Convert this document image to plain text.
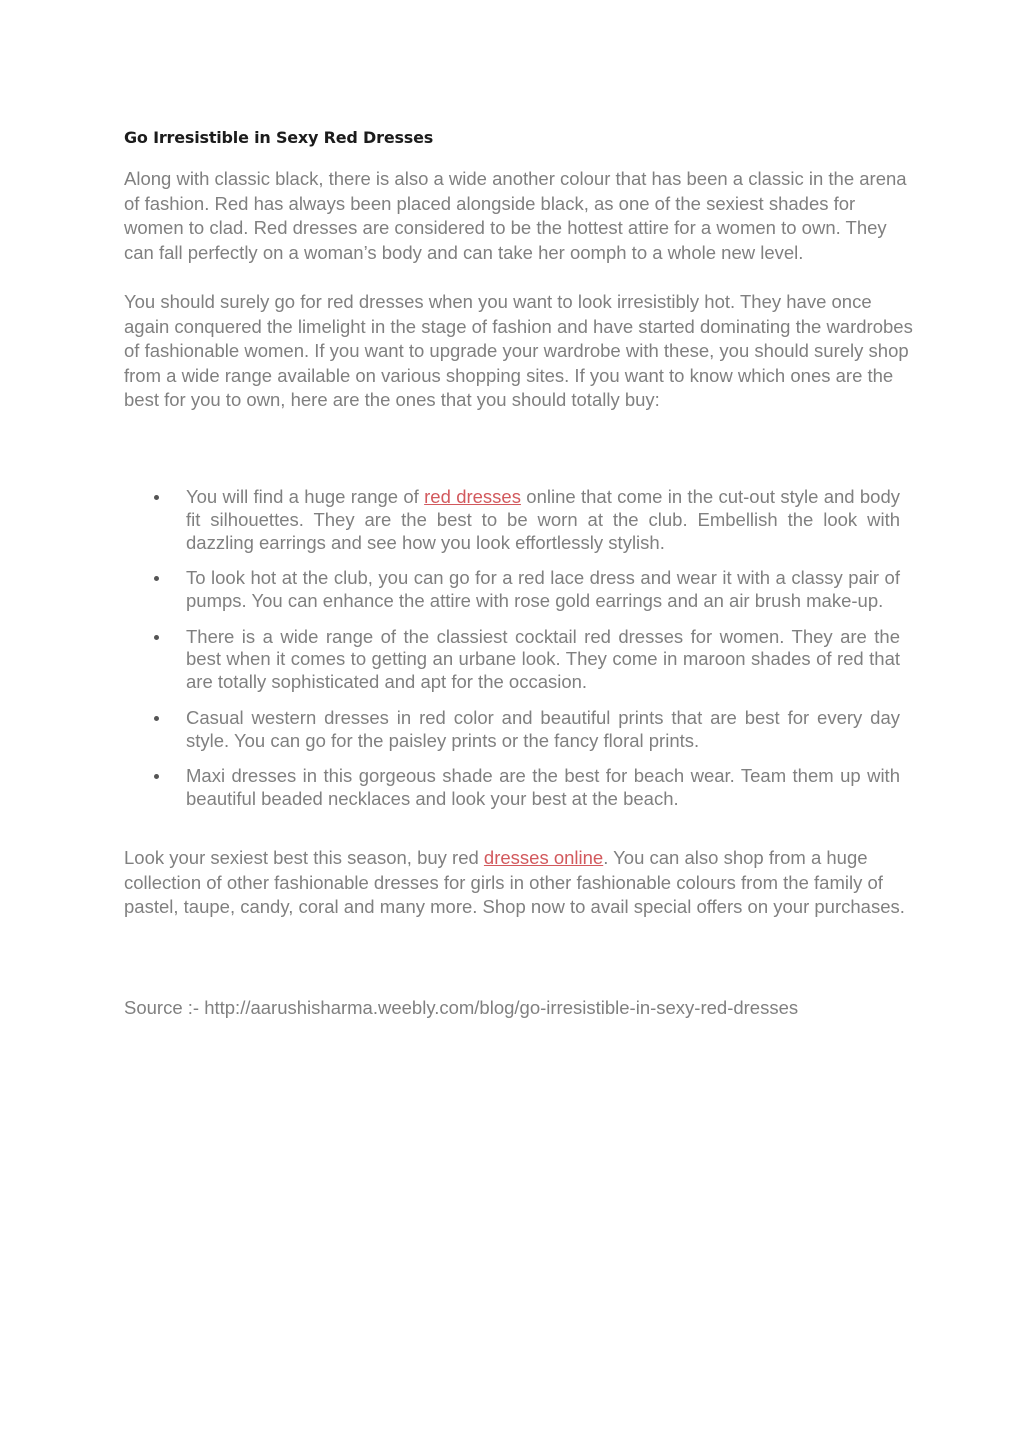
Go Irresistible in Sexy Red Dresses

Along with classic black, there is also a wide another colour that has been a classic in the arena of fashion. Red has always been placed alongside black, as one of the sexiest shades for women to clad. Red dresses are considered to be the hottest attire for a women to own. They can fall perfectly on a woman’s body and can take her oomph to a whole new level.

You should surely go for red dresses when you want to look irresistibly hot. They have once again conquered the limelight in the stage of fashion and have started dominating the wardrobes of fashionable women. If you want to upgrade your wardrobe with these, you should surely shop from a wide range available on various shopping sites. If you want to know which ones are the best for you to own, here are the ones that you should totally buy:

You will find a huge range of red dresses online that come in the cut-out style and body fit silhouettes. They are the best to be worn at the club. Embellish the look with dazzling earrings and see how you look effortlessly stylish.
To look hot at the club, you can go for a red lace dress and wear it with a classy pair of pumps. You can enhance the attire with rose gold earrings and an air brush make-up.
There is a wide range of the classiest cocktail red dresses for women. They are the best when it comes to getting an urbane look. They come in maroon shades of red that are totally sophisticated and apt for the occasion.
Casual western dresses in red color and beautiful prints that are best for every day style. You can go for the paisley prints or the fancy floral prints.
Maxi dresses in this gorgeous shade are the best for beach wear. Team them up with beautiful beaded necklaces and look your best at the beach.

Look your sexiest best this season, buy red dresses online. You can also shop from a huge collection of other fashionable dresses for girls in other fashionable colours from the family of pastel, taupe, candy, coral and many more. Shop now to avail special offers on your purchases.

Source :- http://aarushisharma.weebly.com/blog/go-irresistible-in-sexy-red-dresses
